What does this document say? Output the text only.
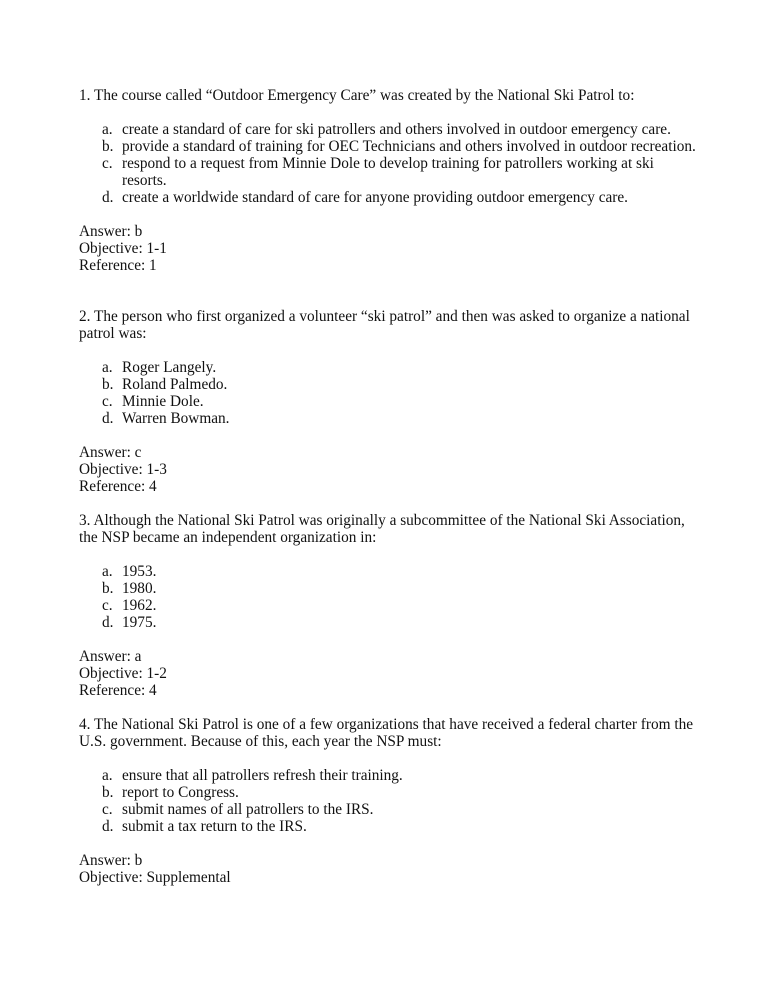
1. The course called “Outdoor Emergency Care” was created by the National Ski Patrol to:

a. create a standard of care for ski patrollers and others involved in outdoor emergency care.
b. provide a standard of training for OEC Technicians and others involved in outdoor recreation.
c. respond to a request from Minnie Dole to develop training for patrollers working at ski resorts.
d. create a worldwide standard of care for anyone providing outdoor emergency care.

Answer: b

Objective: 1-1

Reference: 1

2. The person who first organized a volunteer “ski patrol” and then was asked to organize a national patrol was:

a. Roger Langely.
b. Roland Palmedo.
c. Minnie Dole.
d. Warren Bowman.

Answer: c

Objective: 1-3

Reference: 4

3. Although the National Ski Patrol was originally a subcommittee of the National Ski Association, the NSP became an independent organization in:

a. 1953.
b. 1980.
c. 1962.
d. 1975.

Answer: a

Objective: 1-2

Reference: 4

4. The National Ski Patrol is one of a few organizations that have received a federal charter from the U.S. government. Because of this, each year the NSP must:

a. ensure that all patrollers refresh their training.
b. report to Congress.
c. submit names of all patrollers to the IRS.
d. submit a tax return to the IRS.

Answer: b

Objective: Supplemental
